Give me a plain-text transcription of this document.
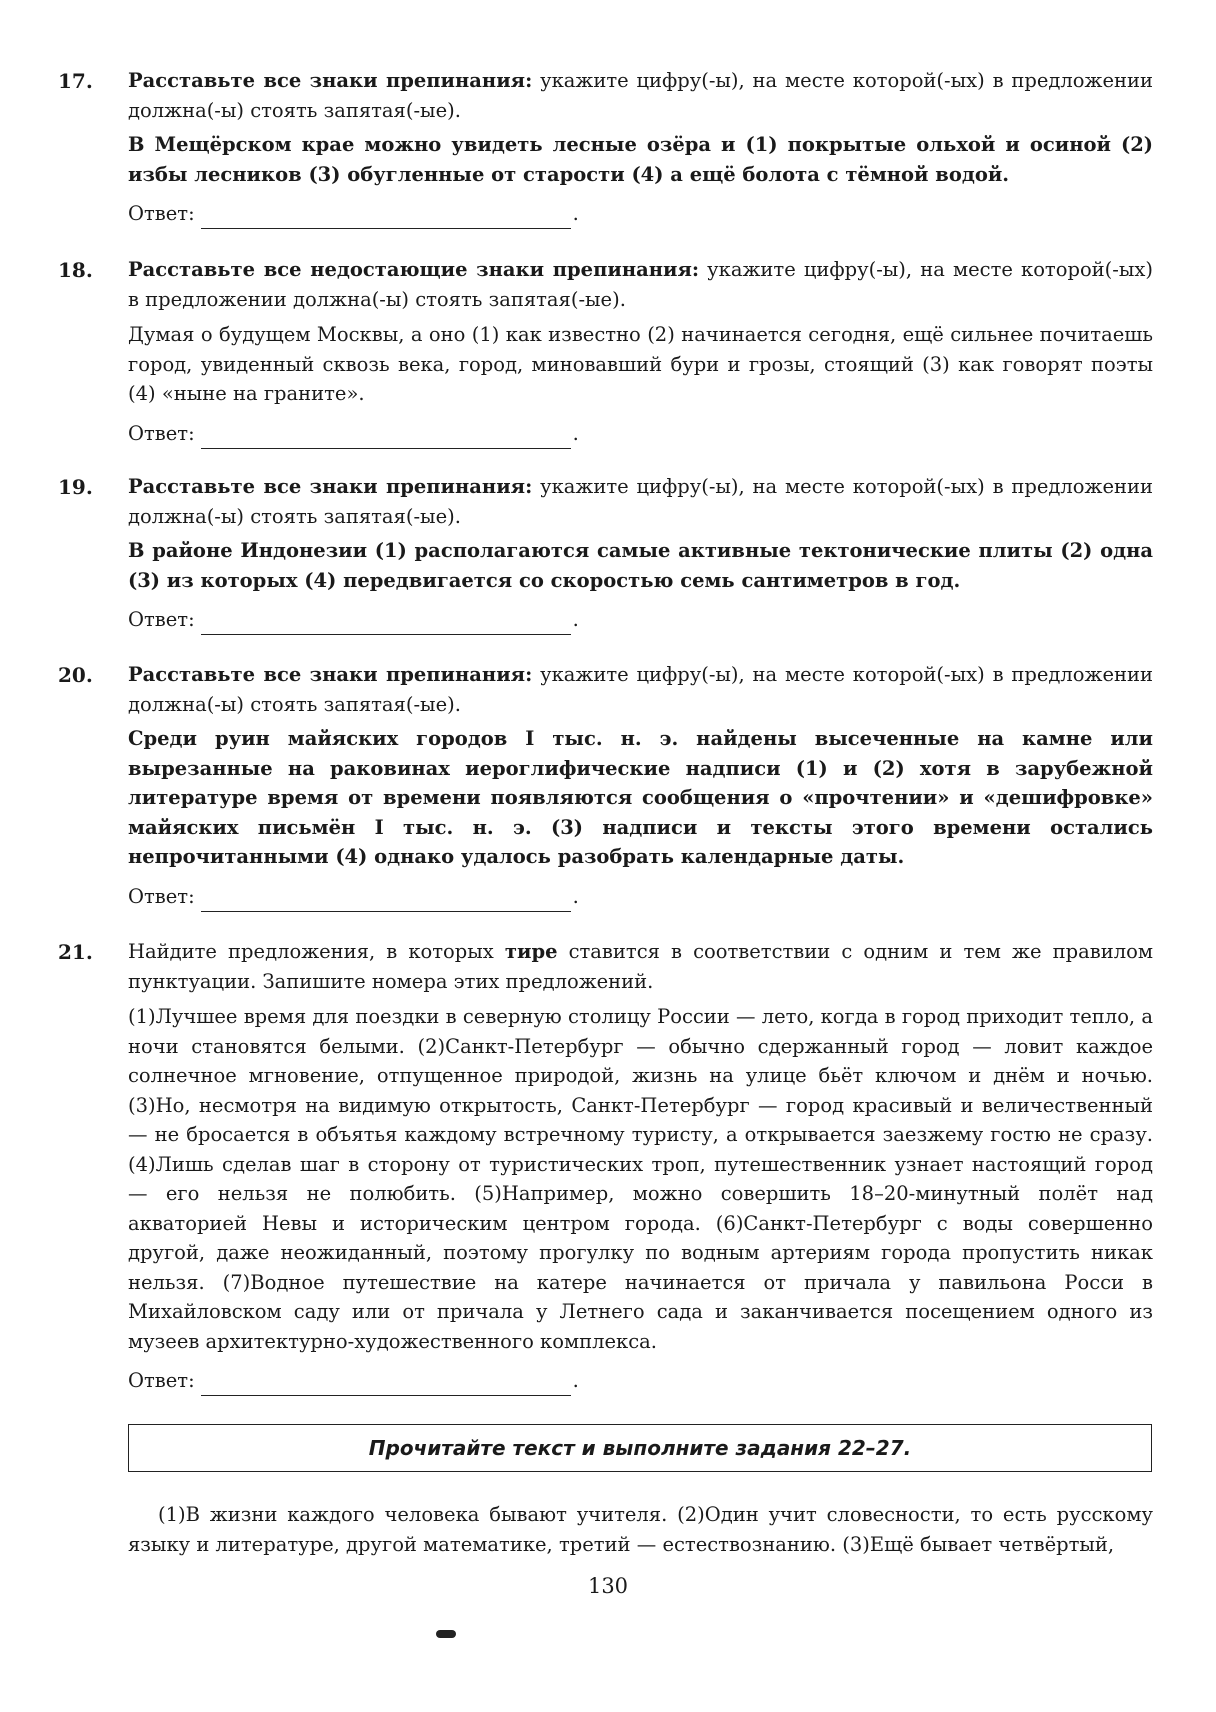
17.	Расставьте все знаки препинания: укажите цифру(-ы), на месте которой(-ых) в предложении должна(-ы) стоять запятая(-ые).

В Мещёрском крае можно увидеть лесные озёра и (1) покрытые ольхой и осиной (2) избы лесников (3) обугленные от старости (4) а ещё болота с тёмной водой.

Ответ:	.
18.	Расставьте все недостающие знаки препинания: укажите цифру(-ы), на месте которой(-ых) в предложении должна(-ы) стоять запятая(-ые).

Думая о будущем Москвы, а оно (1) как известно (2) начинается сегодня, ещё сильнее почитаешь город, увиденный сквозь века, город, миновавший бури и грозы, стоящий (3) как говорят поэты (4) «ныне на граните».

Ответ:	.
19.	Расставьте все знаки препинания: укажите цифру(-ы), на месте которой(-ых) в предложении должна(-ы) стоять запятая(-ые).

В районе Индонезии (1) располагаются самые активные тектонические плиты (2) одна (3) из которых (4) передвигается со скоростью семь сантиметров в год.

Ответ:	.
20.	Расставьте все знаки препинания: укажите цифру(-ы), на месте которой(-ых) в предложении должна(-ы) стоять запятая(-ые).

Среди руин майяских городов I тыс. н. э. найдены высеченные на камне или вырезанные на раковинах иероглифические надписи (1) и (2) хотя в зарубежной литературе время от времени появляются сообщения о «прочтении» и «дешифровке» майяских письмён I тыс. н. э. (3) надписи и тексты этого времени остались непрочитанными (4) однако удалось разобрать календарные даты.

Ответ:	.
21.	Найдите предложения, в которых тире ставится в соответствии с одним и тем же правилом пунктуации. Запишите номера этих предложений.

(1)Лучшее время для поездки в северную столицу России — лето, когда в город приходит тепло, а ночи становятся белыми. (2)Санкт-Петербург — обычно сдержанный город — ловит каждое солнечное мгновение, отпущенное природой, жизнь на улице бьёт ключом и днём и ночью. (3)Но, несмотря на видимую открытость, Санкт-Петербург — город красивый и величественный — не бросается в объятья каждому встречному туристу, а открывается заезжему гостю не сразу. (4)Лишь сделав шаг в сторону от туристических троп, путешественник узнает настоящий город — его нельзя не полюбить. (5)Например, можно совершить 18–20-минутный полёт над акваторией Невы и историческим центром города. (6)Санкт-Петербург с воды совершенно другой, даже неожиданный, поэтому прогулку по водным артериям города пропустить никак нельзя. (7)Водное путешествие на катере начинается от причала у павильона Росси в Михайловском саду или от причала у Летнего сада и заканчивается посещением одного из музеев архитектурно-художественного комплекса.

Ответ:	.
Прочитайте текст и выполните задания 22–27.

(1)В жизни каждого человека бывают учителя. (2)Один учит словесности, то есть русскому языку и литературе, другой математике, третий — естествознанию. (3)Ещё бывает четвёртый,

130
